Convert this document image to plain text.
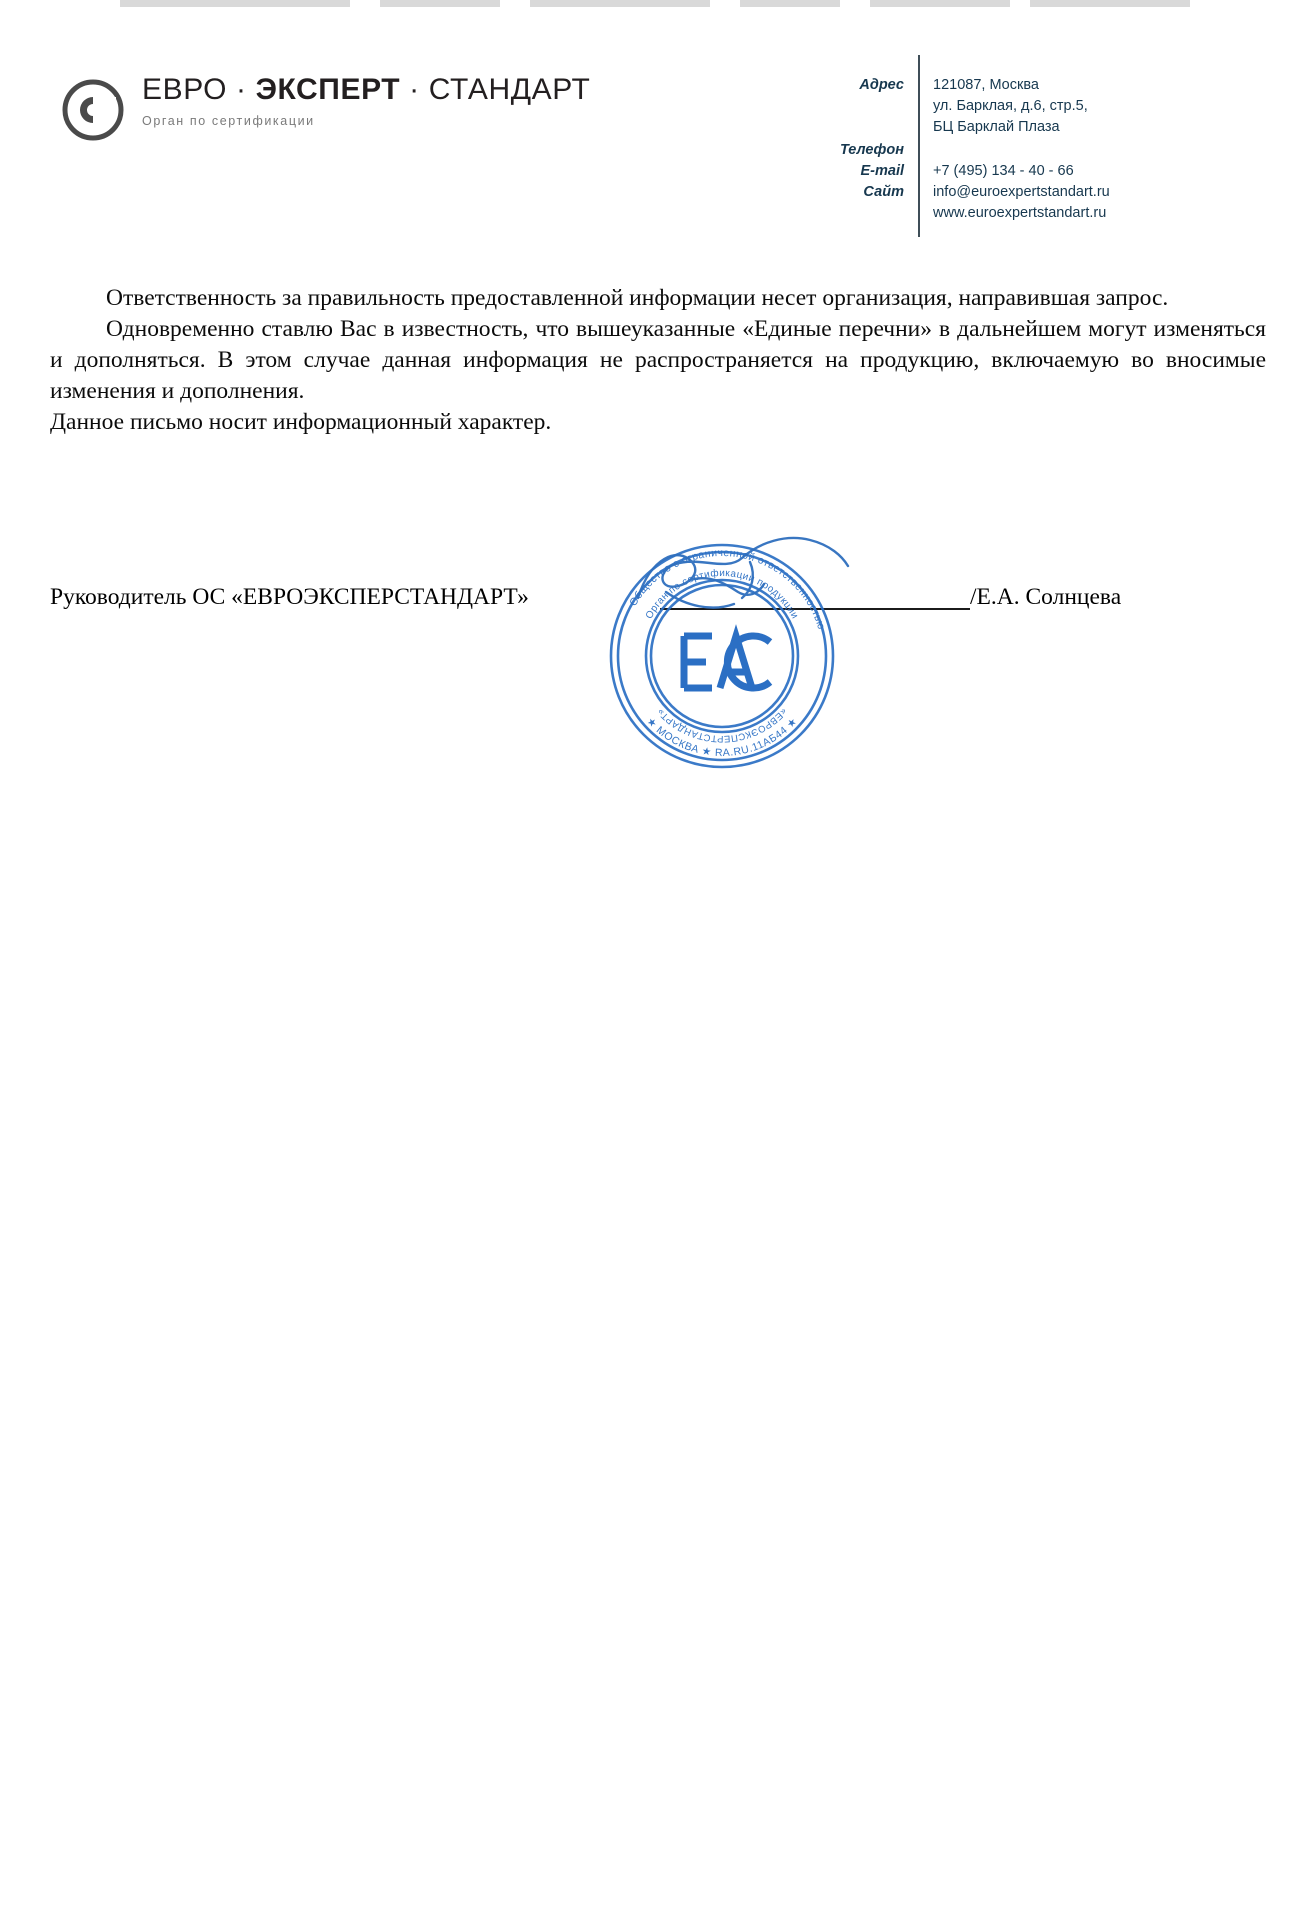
ЕВРО · ЭКСПЕРТ · СТАНДАРТ
Орган по сертификации
Адрес
Телефон
E-mail
Сайт
121087, Москва
ул. Барклая, д.6, стр.5,
БЦ Барклай Плаза
+7 (495) 134 - 40 - 66
info@euroexpertstandart.ru
www.euroexpertstandart.ru

Ответственность за правильность предоставленной информации несет организация, направившая запрос.

Одновременно ставлю Вас в известность, что вышеуказанные «Единые перечни» в дальнейшем могут изменяться и дополняться. В этом случае данная информация не распространяется на продукцию, включаемую во вносимые изменения и дополнения.

Данное письмо носит информационный характер.

Руководитель ОС «ЕВРОЭКСПЕРСТАНДАРТ»	/Е.А. Солнцева
Общество с ограниченной ответственностью
★ МОСКВА ★ RA.RU.11АБ44 ★
Орган по сертификации продукции
«ЕВРОЭКСПЕРТСТАНДАРТ»
